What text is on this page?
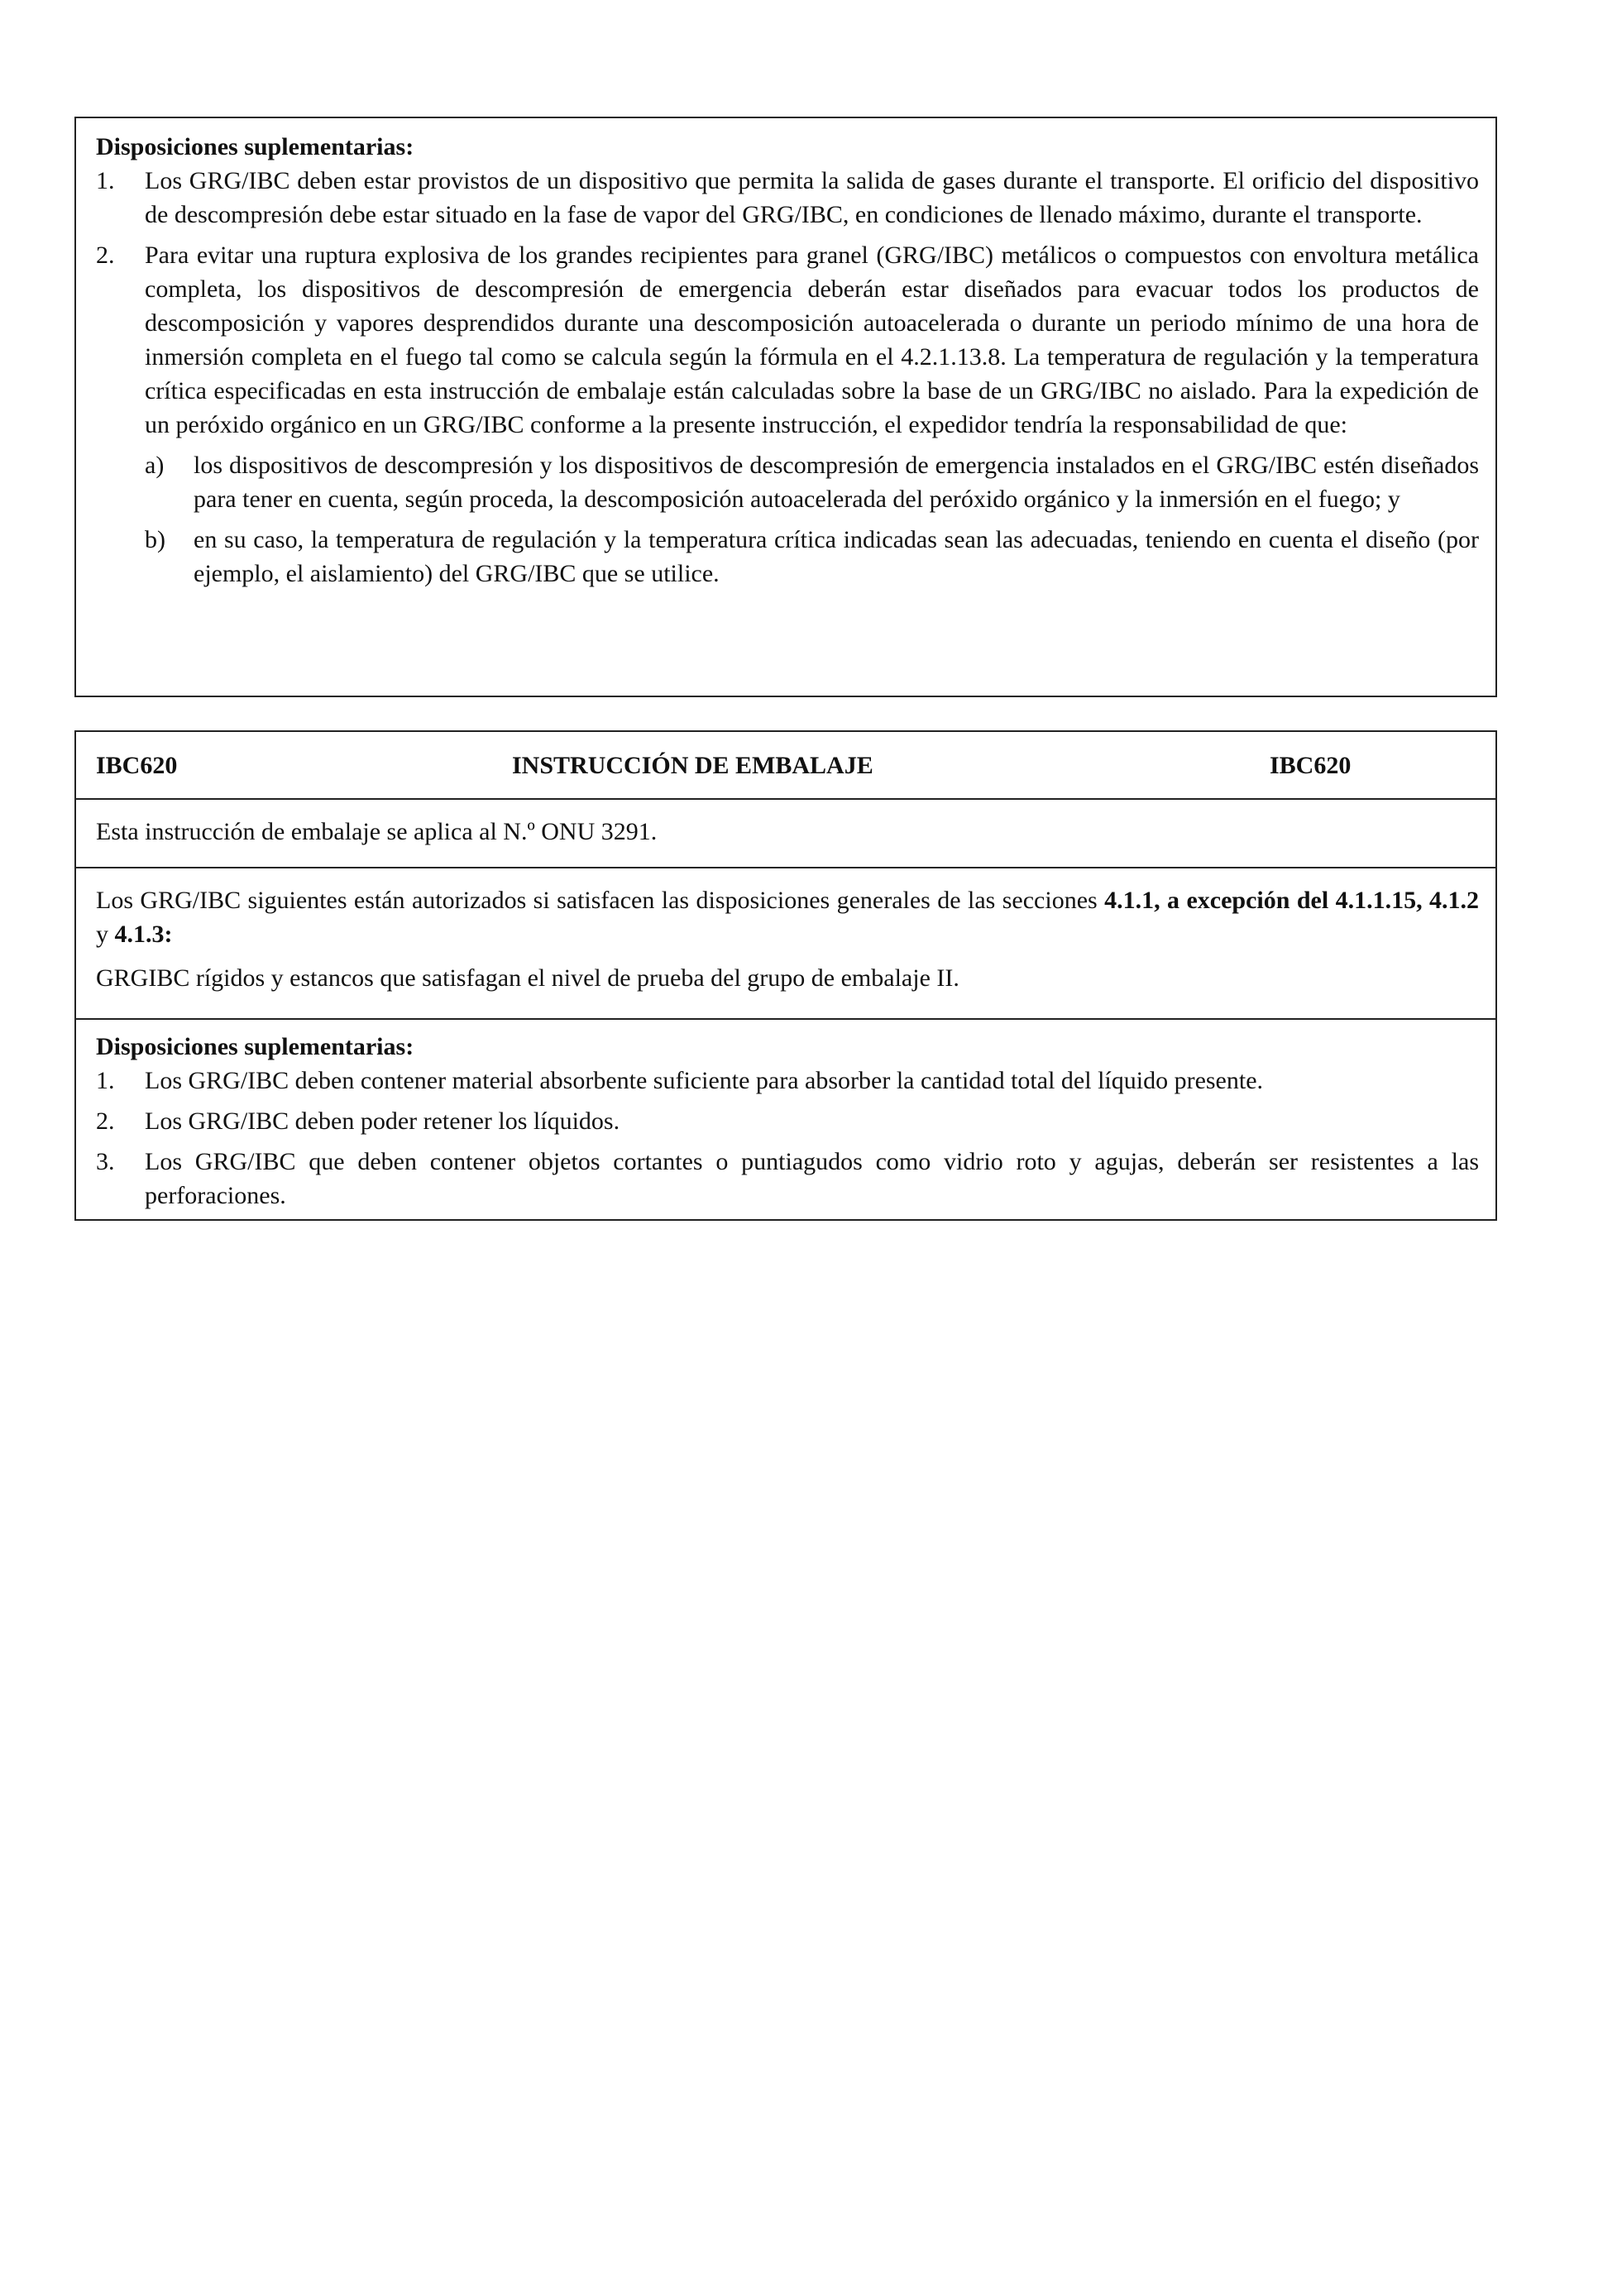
Disposiciones suplementarias:
1. Los GRG/IBC deben estar provistos de un dispositivo que permita la salida de gases durante el transporte. El orificio del dispositivo de descompresión debe estar situado en la fase de vapor del GRG/IBC, en condiciones de llenado máximo, durante el transporte.
2. Para evitar una ruptura explosiva de los grandes recipientes para granel (GRG/IBC) metálicos o compuestos con envoltura metálica completa, los dispositivos de descompresión de emergencia deberán estar diseñados para evacuar todos los productos de descomposición y vapores desprendidos durante una descomposición autoacelerada o durante un periodo mínimo de una hora de inmersión completa en el fuego tal como se calcula según la fórmula en el 4.2.1.13.8. La temperatura de regulación y la temperatura crítica especificadas en esta instrucción de embalaje están calculadas sobre la base de un GRG/IBC no aislado. Para la expedición de un peróxido orgánico en un GRG/IBC conforme a la presente instrucción, el expedidor tendría la responsabilidad de que:
a) los dispositivos de descompresión y los dispositivos de descompresión de emergencia instalados en el GRG/IBC estén diseñados para tener en cuenta, según proceda, la descomposición autoacelerada del peróxido orgánico y la inmersión en el fuego; y
b) en su caso, la temperatura de regulación y la temperatura crítica indicadas sean las adecuadas, teniendo en cuenta el diseño (por ejemplo, el aislamiento) del GRG/IBC que se utilice.
IBC620	INSTRUCCIÓN DE EMBALAJE	IBC620
Esta instrucción de embalaje se aplica al N.º ONU 3291.
Los GRG/IBC siguientes están autorizados si satisfacen las disposiciones generales de las secciones 4.1.1, a excepción del 4.1.1.15, 4.1.2 y 4.1.3:
GRGIBC rígidos y estancos que satisfagan el nivel de prueba del grupo de embalaje II.
Disposiciones suplementarias:
1. Los GRG/IBC deben contener material absorbente suficiente para absorber la cantidad total del líquido presente.
2. Los GRG/IBC deben poder retener los líquidos.
3. Los GRG/IBC que deben contener objetos cortantes o puntiagudos como vidrio roto y agujas, deberán ser resistentes a las perforaciones.
